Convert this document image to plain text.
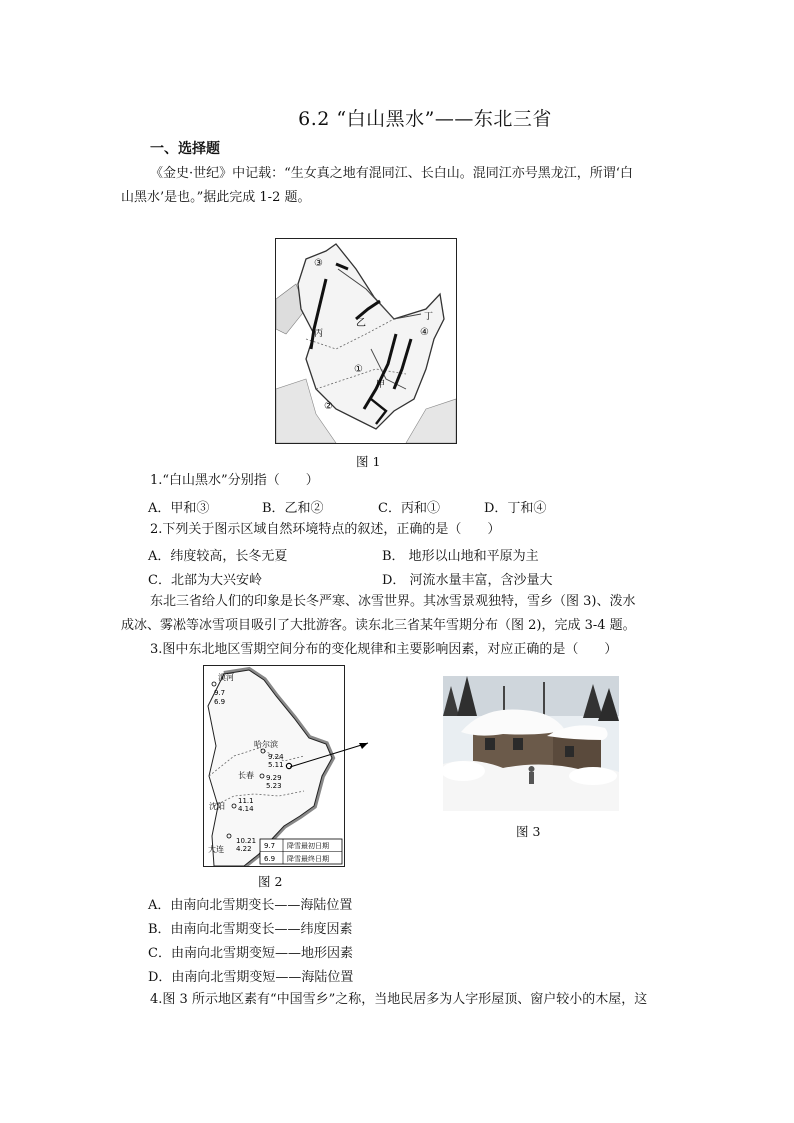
6.2 “白山黑水”——东北三省
一、选择题
《金史·世纪》中记载：“生女真之地有混同江、长白山。混同江亦号黑龙江，所谓‘白
山黑水’是也。”据此完成 1-2 题。
③
乙
丙
丁
④
①
甲
②
图 1
1.“白山黑水”分别指（　　）
A．甲和③	B．乙和②	C．丙和①	D．丁和④
2.下列关于图示区域自然环境特点的叙述，正确的是（　　）
A．纬度较高，长冬无夏	B． 地形以山地和平原为主
C．北部为大兴安岭	D． 河流水量丰富，含沙量大
东北三省给人们的印象是长冬严寒、冰雪世界。其冰雪景观独特，雪乡（图 3)、泼水
成冰、雾凇等冰雪项目吸引了大批游客。读东北三省某年雪期分布（图 2)，完成 3-4 题。
3.图中东北地区雪期空间分布的变化规律和主要影响因素，对应正确的是（　　）
漠河
9.7
6.9
哈尔滨
9.24
5.11
长春 9.29
5.23
沈阳
11.1
4.14
大连
10.21
4.22 9.7 降雪最初日期
6.9 降雪最终日期
图 2
图 3
A．由南向北雪期变长——海陆位置
B．由南向北雪期变长——纬度因素
C．由南向北雪期变短——地形因素
D．由南向北雪期变短——海陆位置
4.图 3 所示地区素有“中国雪乡”之称，当地民居多为人字形屋顶、窗户较小的木屋，这
